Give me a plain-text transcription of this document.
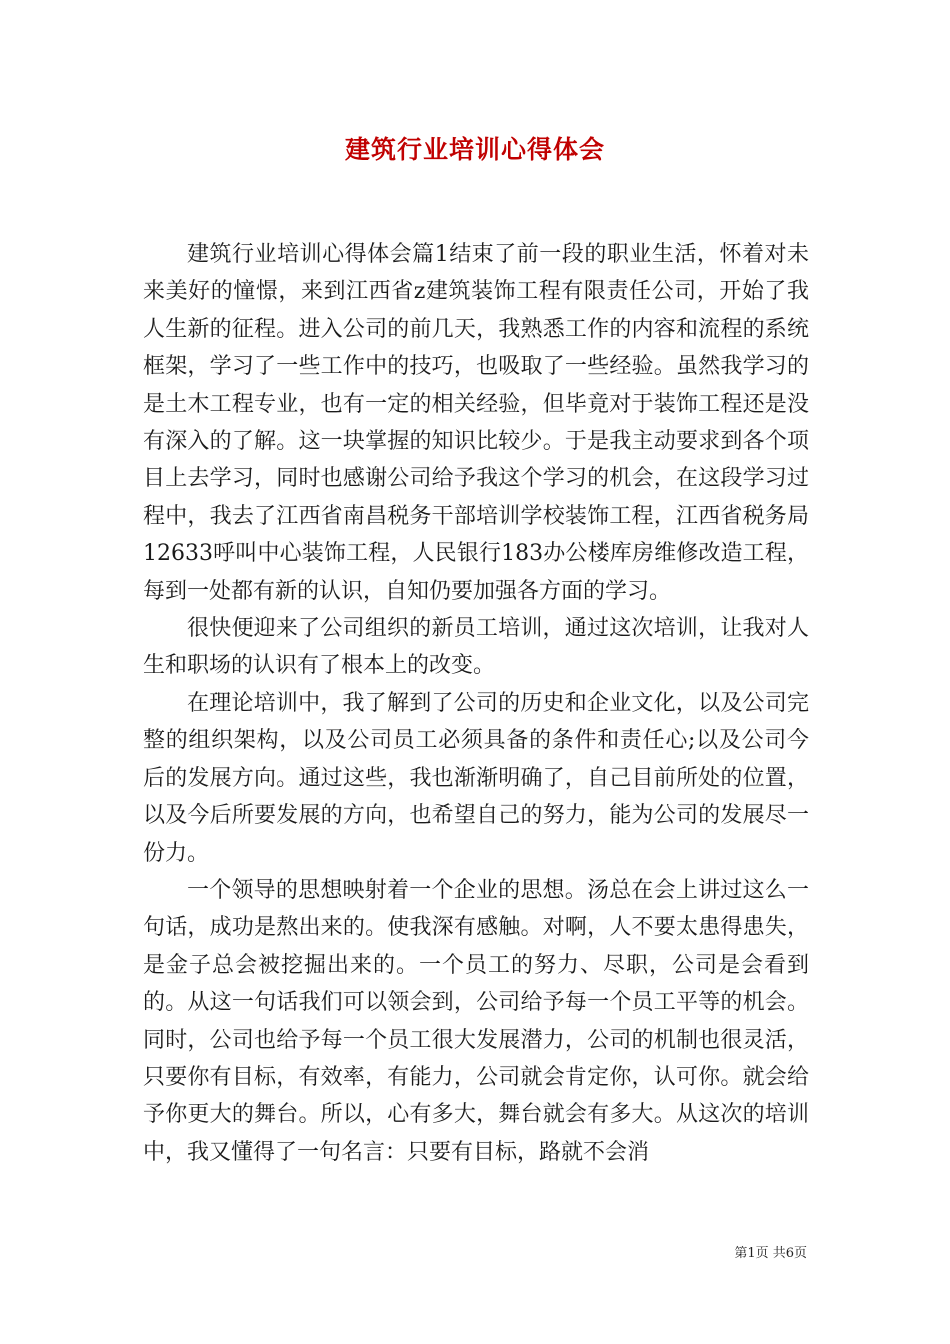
建筑行业培训心得体会

建筑行业培训心得体会篇1结束了前一段的职业生活，怀着对未来美好的憧憬，来到江西省z建筑装饰工程有限责任公司，开始了我人生新的征程。进入公司的前几天，我熟悉工作的内容和流程的系统框架，学习了一些工作中的技巧，也吸取了一些经验。虽然我学习的是土木工程专业，也有一定的相关经验，但毕竟对于装饰工程还是没有深入的了解。这一块掌握的知识比较少。于是我主动要求到各个项目上去学习，同时也感谢公司给予我这个学习的机会，在这段学习过程中，我去了江西省南昌税务干部培训学校装饰工程，江西省税务局12633呼叫中心装饰工程，人民银行183办公楼库房维修改造工程，每到一处都有新的认识，自知仍要加强各方面的学习。

很快便迎来了公司组织的新员工培训，通过这次培训，让我对人生和职场的认识有了根本上的改变。

在理论培训中，我了解到了公司的历史和企业文化，以及公司完整的组织架构，以及公司员工必须具备的条件和责任心;以及公司今后的发展方向。通过这些，我也渐渐明确了，自己目前所处的位置，以及今后所要发展的方向，也希望自己的努力，能为公司的发展尽一份力。

一个领导的思想映射着一个企业的思想。汤总在会上讲过这么一句话，成功是熬出来的。使我深有感触。对啊，人不要太患得患失，是金子总会被挖掘出来的。一个员工的努力、尽职，公司是会看到的。从这一句话我们可以领会到，公司给予每一个员工平等的机会。同时，公司也给予每一个员工很大发展潜力，公司的机制也很灵活，只要你有目标，有效率，有能力，公司就会肯定你，认可你。就会给予你更大的舞台。所以，心有多大，舞台就会有多大。从这次的培训中，我又懂得了一句名言：只要有目标，路就不会消

第1页 共6页
